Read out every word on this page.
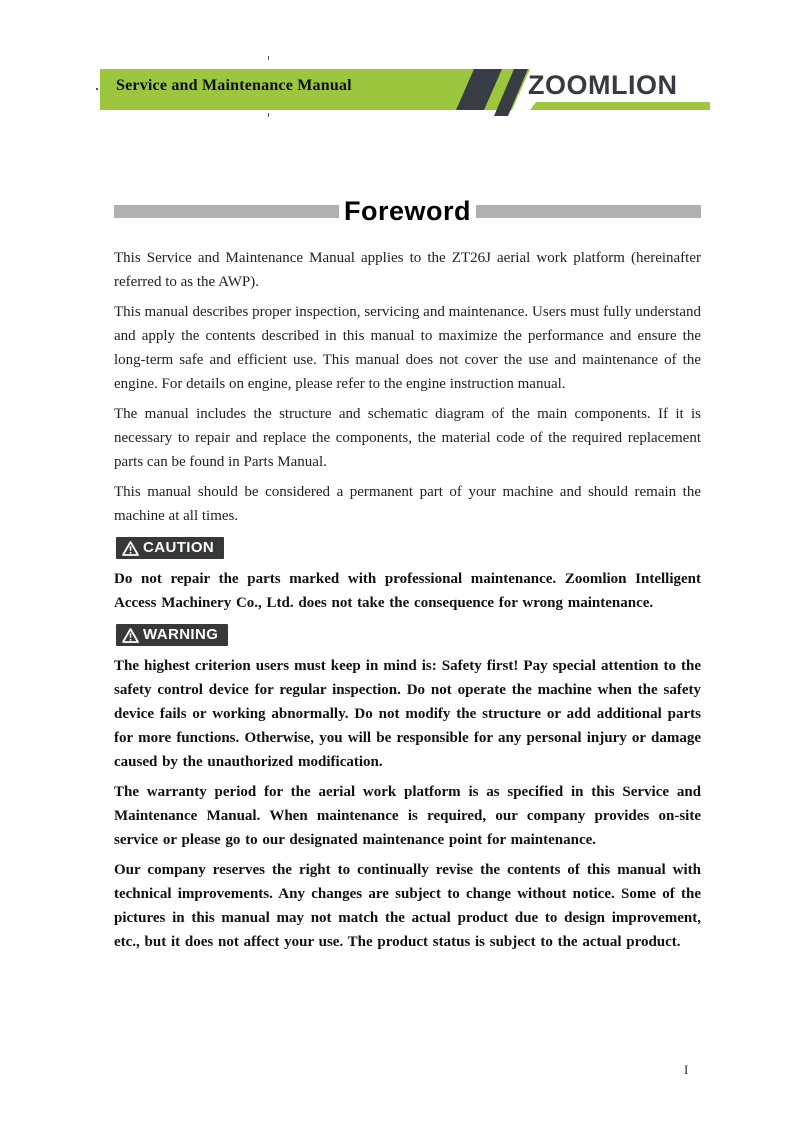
Service and Maintenance Manual	ZOOMLION
Foreword

This Service and Maintenance Manual applies to the ZT26J aerial work platform (hereinafter referred to as the AWP).

This manual describes proper inspection, servicing and maintenance. Users must fully understand and apply the contents described in this manual to maximize the performance and ensure the long-term safe and efficient use. This manual does not cover the use and maintenance of the engine. For details on engine, please refer to the engine instruction manual.

The manual includes the structure and schematic diagram of the main components. If it is necessary to repair and replace the components, the material code of the required replacement parts can be found in Parts Manual.

This manual should be considered a permanent part of your machine and should remain the machine at all times.

CAUTION

Do not repair the parts marked with professional maintenance. Zoomlion Intelligent Access Machinery Co., Ltd. does not take the consequence for wrong maintenance.

WARNING

The highest criterion users must keep in mind is: Safety first! Pay special attention to the safety control device for regular inspection. Do not operate the machine when the safety device fails or working abnormally. Do not modify the structure or add additional parts for more functions. Otherwise, you will be responsible for any personal injury or damage caused by the unauthorized modification.

The warranty period for the aerial work platform is as specified in this Service and Maintenance Manual. When maintenance is required, our company provides on-site service or please go to our designated maintenance point for maintenance.

Our company reserves the right to continually revise the contents of this manual with technical improvements. Any changes are subject to change without notice. Some of the pictures in this manual may not match the actual product due to design improvement, etc., but it does not affect your use. The product status is subject to the actual product.

I
